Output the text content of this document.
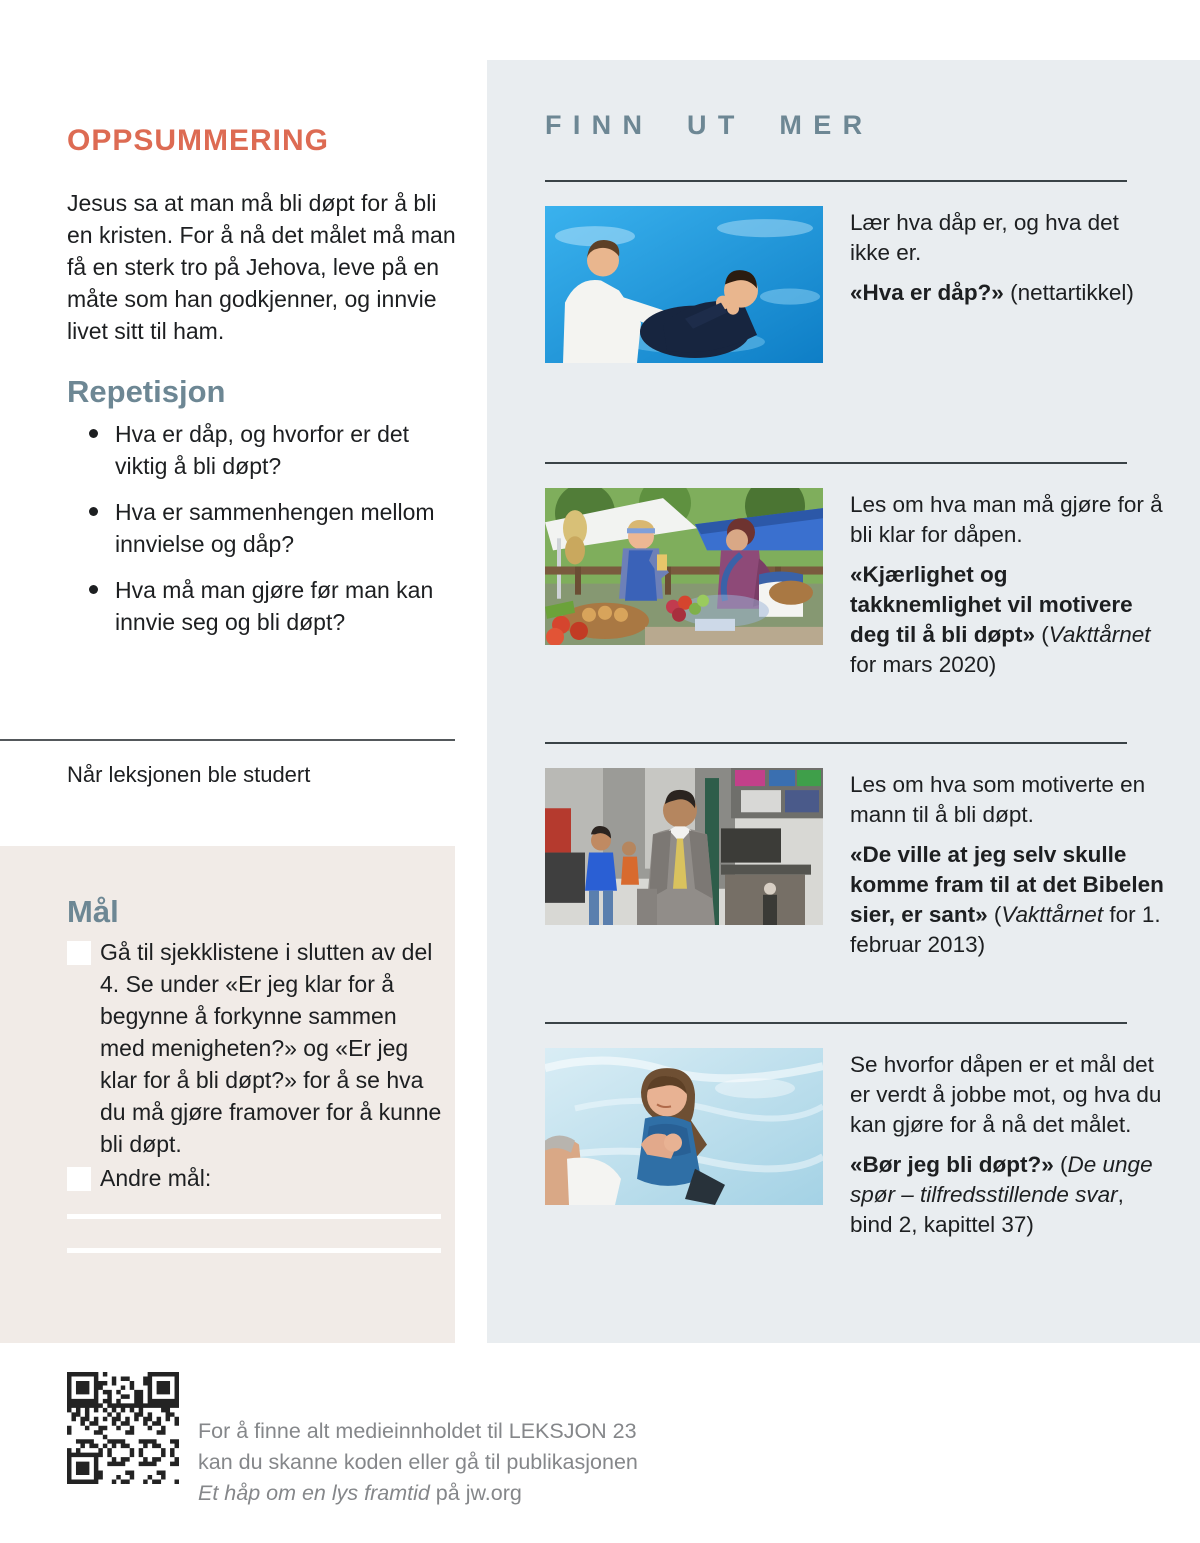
OPPSUMMERING

Jesus sa at man må bli døpt for å bli en kristen. For å nå det målet må man få en sterk tro på Jehova, leve på en måte som han godkjenner, og innvie livet sitt til ham.

Repetisjon
Hva er dåp, og hvorfor er det viktig å bli døpt?
Hva er sammenhengen mellom innvielse og dåp?
Hva må man gjøre før man kan innvie seg og bli døpt?
Når leksjonen ble studert
Mål

Gå til sjekklistene i slutten av del 4. Se under «Er jeg klar for å begynne å forkynne sammen med menigheten?» og «Er jeg klar for å bli døpt?» for å se hva du må gjøre framover for å kunne bli døpt.

Andre mål:

FINN UT MER

Lær hva dåp er, og hva det ikke er.

«Hva er dåp?» (nettartikkel)

Les om hva man må gjøre for å bli klar for dåpen.

«Kjærlighet og takknemlighet vil motivere deg til å bli døpt» (Vakttårnet for mars 2020)

Les om hva som motiverte en mann til å bli døpt.

«De ville at jeg selv skulle komme fram til at det Bibelen sier, er sant» (Vakttårnet for 1. februar 2013)

Se hvorfor dåpen er et mål det er verdt å jobbe mot, og hva du kan gjøre for å nå det målet.

«Bør jeg bli døpt?» (De unge spør – tilfredsstillende svar, bind 2, kapittel 37)

For å finne alt medieinnholdet til LEKSJON 23
kan du skanne koden eller gå til publikasjonen
Et håp om en lys framtid på jw.org
